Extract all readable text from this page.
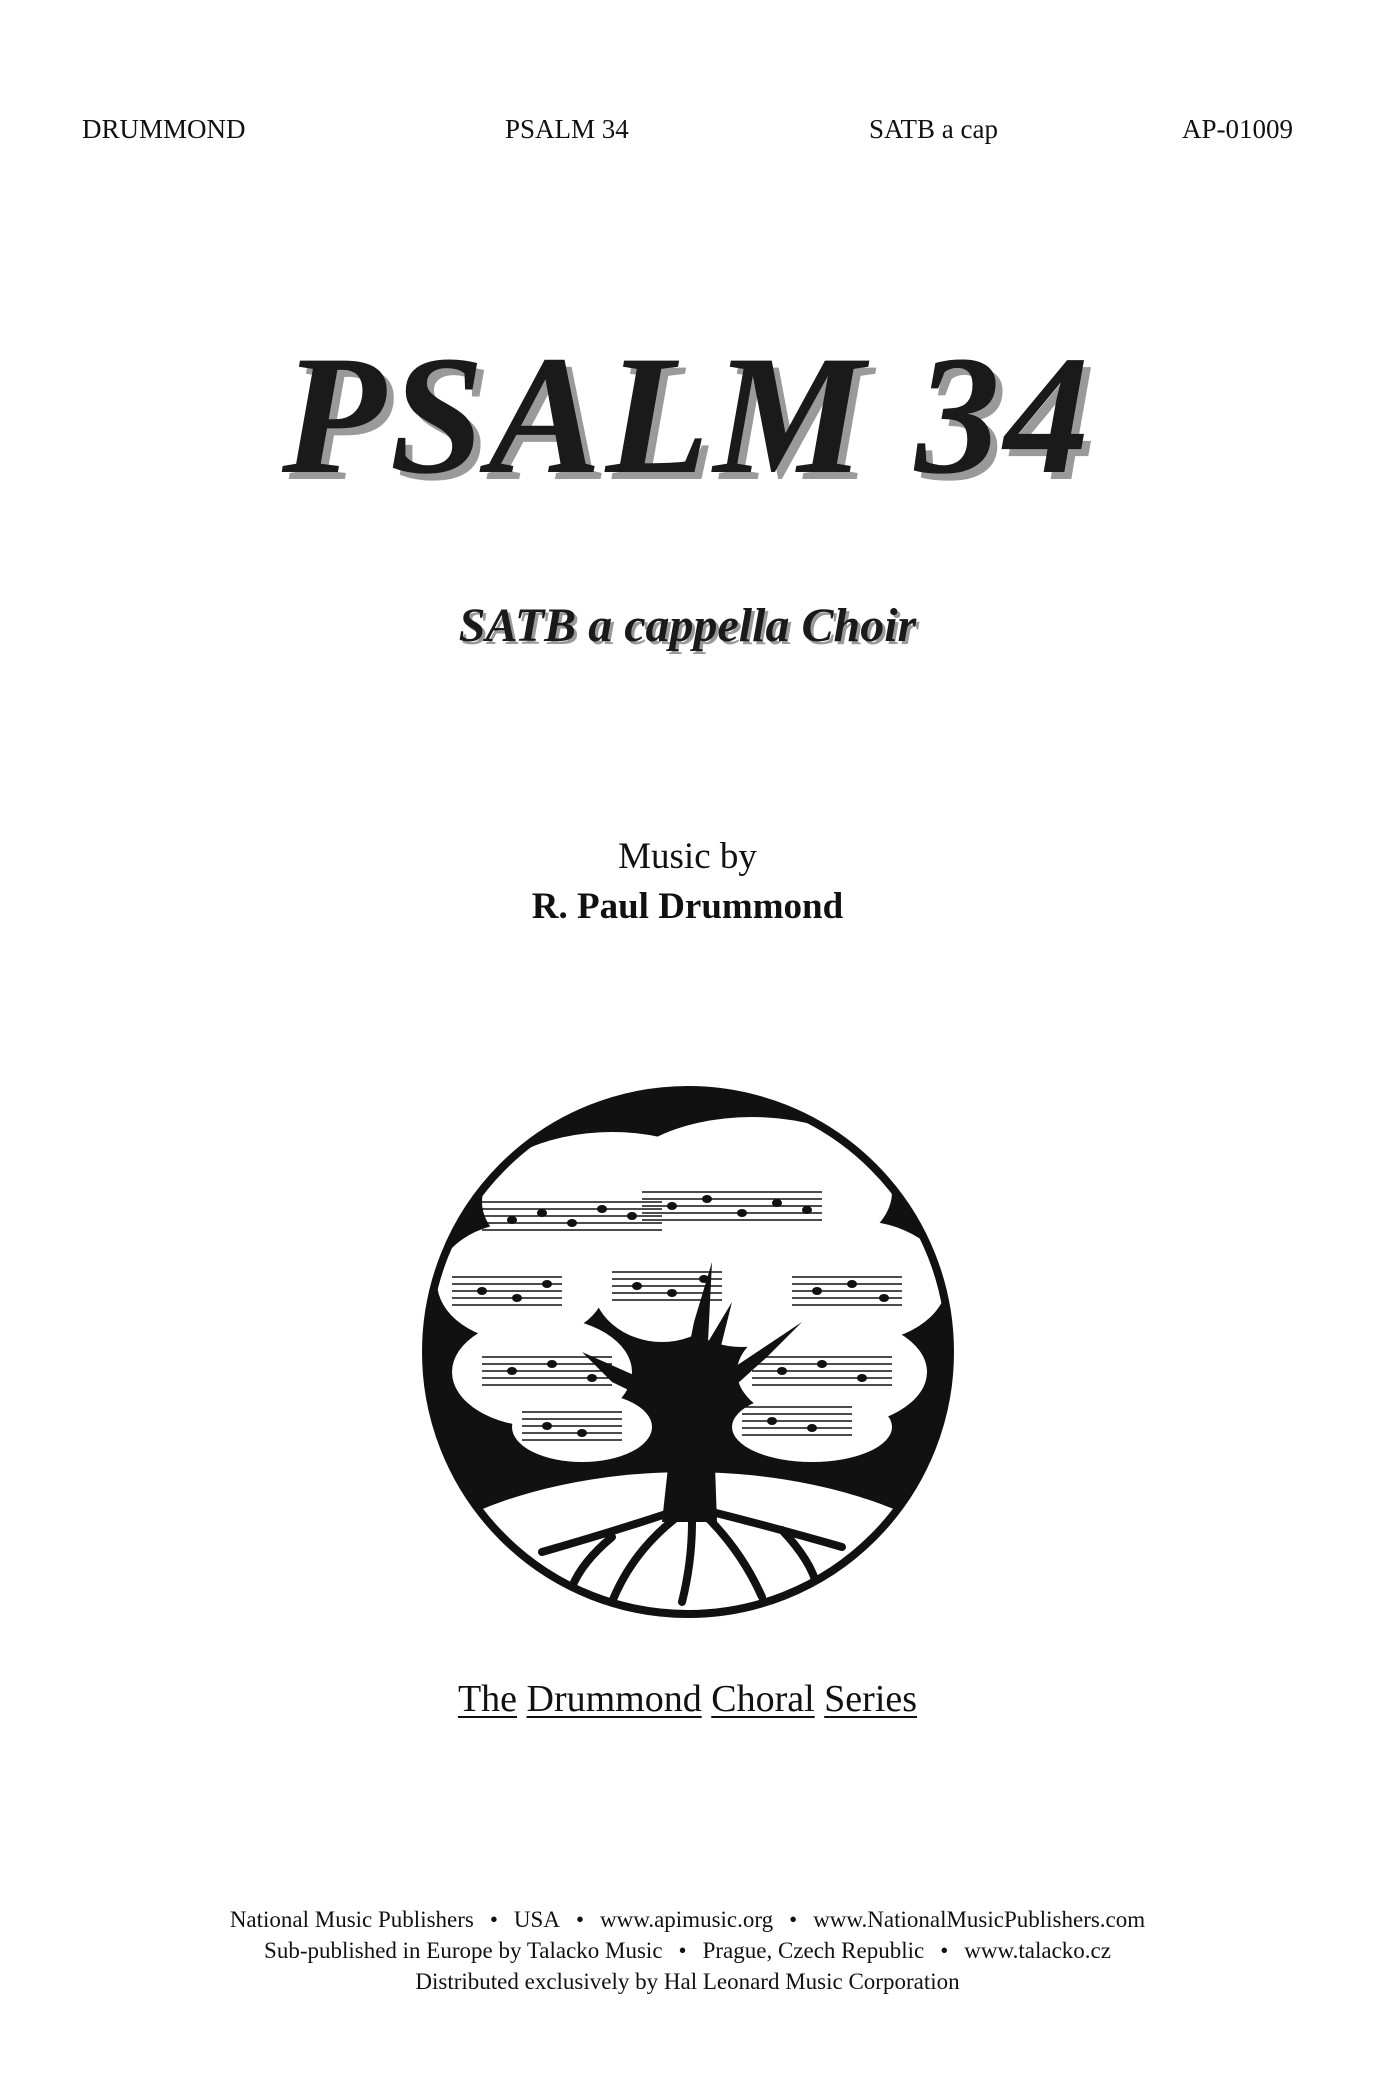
DRUMMOND	PSALM 34	SATB a cap	AP-01009
PSALM 34
SATB a cappella Choir
Music by
R. Paul Drummond
The Drummond Choral Series
National Music Publishers • USA • www.apimusic.org • www.NationalMusicPublishers.com
Sub-published in Europe by Talacko Music • Prague, Czech Republic • www.talacko.cz
Distributed exclusively by Hal Leonard Music Corporation
